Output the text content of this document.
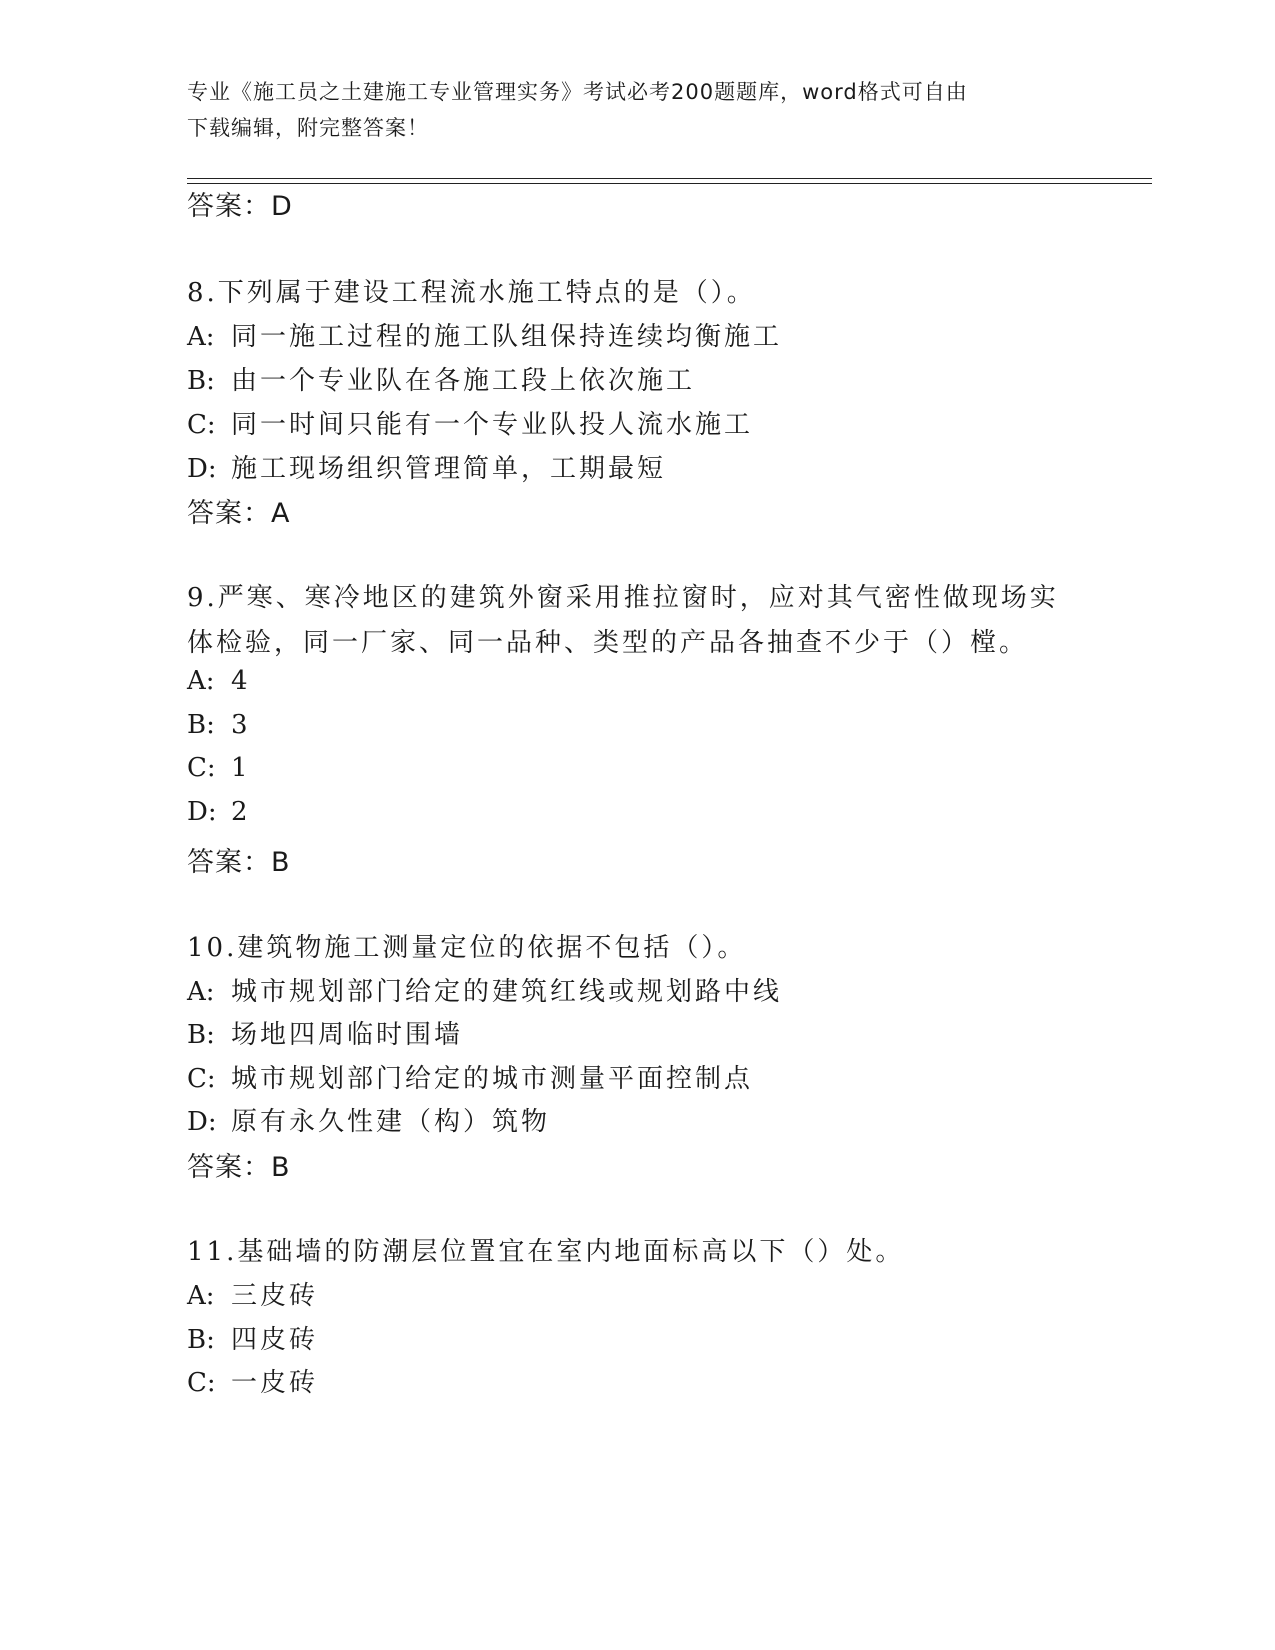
专业《施工员之土建施工专业管理实务》考试必考200题题库，word格式可自由
下载编辑，附完整答案！
答案：D
8.下列属于建设工程流水施工特点的是（）。
A: 同一施工过程的施工队组保持连续均衡施工
B: 由一个专业队在各施工段上依次施工
C: 同一时间只能有一个专业队投人流水施工
D: 施工现场组织管理简单，工期最短
答案：A
9.严寒、寒冷地区的建筑外窗采用推拉窗时，应对其气密性做现场实
体检验，同一厂家、同一品种、类型的产品各抽查不少于（）樘。
A: 4
B: 3
C: 1
D: 2
答案：B
10.建筑物施工测量定位的依据不包括（）。
A: 城市规划部门给定的建筑红线或规划路中线
B: 场地四周临时围墙
C: 城市规划部门给定的城市测量平面控制点
D: 原有永久性建（构）筑物
答案：B
11.基础墙的防潮层位置宜在室内地面标高以下（）处。
A: 三皮砖
B: 四皮砖
C: 一皮砖
